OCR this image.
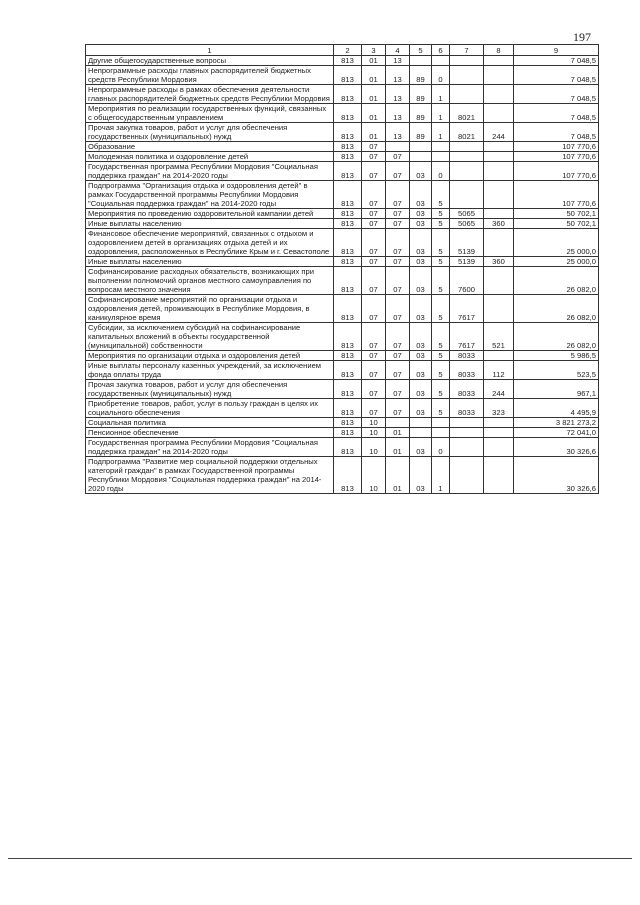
197
1	2	3	4	5	6	7	8	9
Другие общегосударственные вопросы	813	01	13					7 048,5
Непрограммные расходы главных распорядителей бюджетных средств Республики Мордовия	813	01	13	89	0			7 048,5
Непрограммные расходы в рамках обеспечения деятельности главных распорядителей бюджетных средств Республики Мордовия	813	01	13	89	1			7 048,5
Мероприятия по реализации государственных функций, связанных с общегосударственным управлением	813	01	13	89	1	8021		7 048,5
Прочая закупка товаров, работ и услуг для обеспечения государственных (муниципальных) нужд	813	01	13	89	1	8021	244	7 048,5
Образование	813	07						107 770,6
Молодежная политика и оздоровление детей	813	07	07					107 770,6
Государственная программа Республики Мордовия "Социальная поддержка граждан" на 2014-2020 годы	813	07	07	03	0			107 770,6
Подпрограмма "Организация отдыха и оздоровления детей" в рамках Государственной программы Республики Мордовия "Социальная поддержка граждан" на 2014-2020 годы	813	07	07	03	5			107 770,6
Мероприятия по проведению оздоровительной кампании детей	813	07	07	03	5	5065		50 702,1
Иные выплаты населению	813	07	07	03	5	5065	360	50 702,1
Финансовое обеспечение мероприятий, связанных с отдыхом и оздоровлением детей в организациях отдыха детей и их оздоровления, расположенных в Республике Крым и г. Севастополе	813	07	07	03	5	5139		25 000,0
Иные выплаты населению	813	07	07	03	5	5139	360	25 000,0
Софинансирование расходных обязательств, возникающих при выполнении полномочий органов местного самоуправления по вопросам местного значения	813	07	07	03	5	7600		26 082,0
Софинансирование мероприятий по организации отдыха и оздоровления детей, проживающих в Республике Мордовия, в каникулярное время	813	07	07	03	5	7617		26 082,0
Субсидии, за исключением субсидий на софинансирование капитальных вложений в объекты государственной (муниципальной) собственности	813	07	07	03	5	7617	521	26 082,0
Мероприятия по организации отдыха и оздоровления детей	813	07	07	03	5	8033		5 986,5
Иные выплаты персоналу казенных учреждений, за исключением фонда оплаты труда	813	07	07	03	5	8033	112	523,5
Прочая закупка товаров, работ и услуг для обеспечения государственных (муниципальных) нужд	813	07	07	03	5	8033	244	967,1
Приобретение товаров, работ, услуг в пользу граждан в целях их социального обеспечения	813	07	07	03	5	8033	323	4 495,9
Социальная политика	813	10						3 821 273,2
Пенсионное обеспечение	813	10	01					72 041,0
Государственная программа Республики Мордовия "Социальная поддержка граждан" на 2014-2020 годы	813	10	01	03	0			30 326,6
Подпрограмма "Развитие мер социальной поддержки отдельных категорий граждан" в рамках Государственной программы Республики Мордовия "Социальная поддержка граждан" на 2014-2020 годы	813	10	01	03	1			30 326,6
